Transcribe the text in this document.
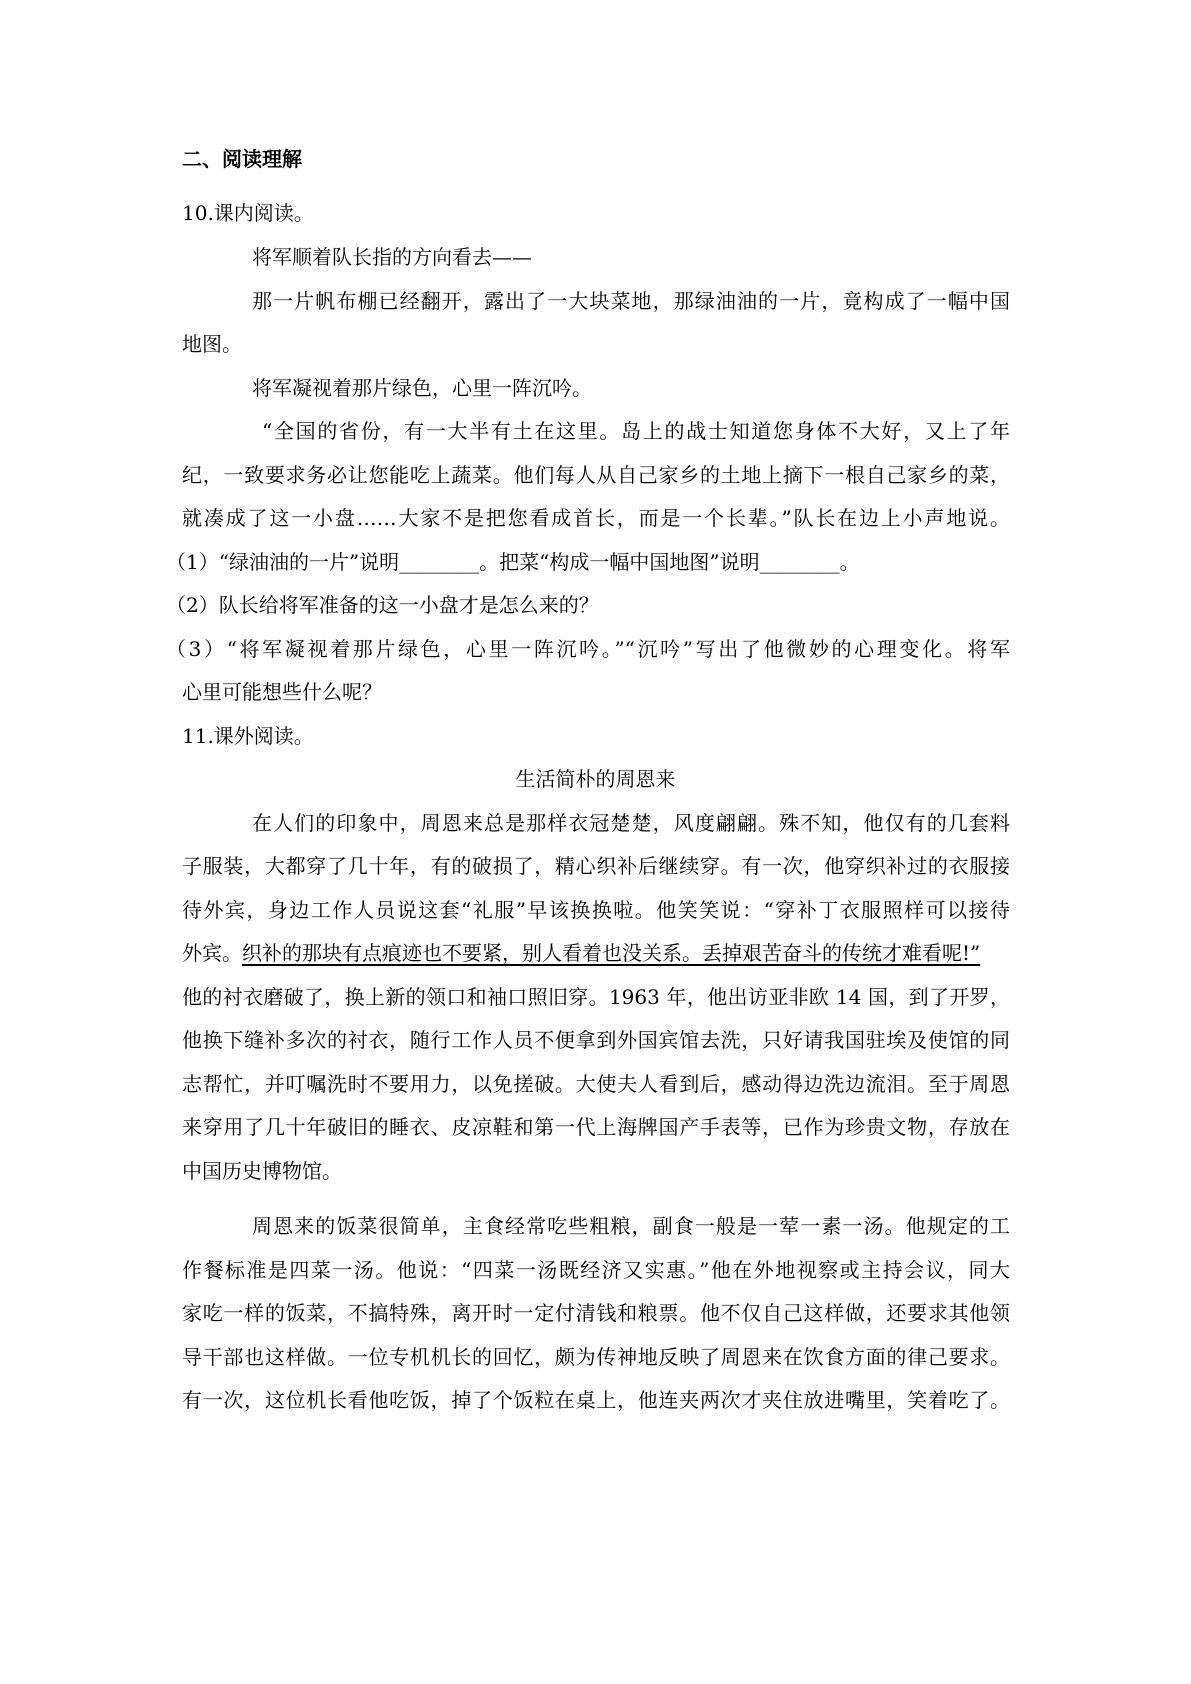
二、阅读理解

10.课内阅读。

将军顺着队长指的方向看去——

那一片帆布棚已经翻开，露出了一大块菜地，那绿油油的一片，竟构成了一幅中国

地图。

将军凝视着那片绿色，心里一阵沉吟。

“全国的省份，有一大半有土在这里。岛上的战士知道您身体不大好，又上了年

纪，一致要求务必让您能吃上蔬菜。他们每人从自己家乡的土地上摘下一根自己家乡的菜，

就凑成了这一小盘……大家不是把您看成首长，而是一个长辈。”队长在边上小声地说。

（1）“绿油油的一片”说明________。把菜“构成一幅中国地图”说明________。

（2）队长给将军准备的这一小盘才是怎么来的？

（3）“将军凝视着那片绿色，心里一阵沉吟。”“沉吟”写出了他微妙的心理变化。将军

心里可能想些什么呢？

11.课外阅读。

生活简朴的周恩来

在人们的印象中，周恩来总是那样衣冠楚楚，风度翩翩。殊不知，他仅有的几套料

子服装，大都穿了几十年，有的破损了，精心织补后继续穿。有一次，他穿织补过的衣服接

待外宾，身边工作人员说这套“礼服”早该换换啦。他笑笑说：“穿补丁衣服照样可以接待

外宾。织补的那块有点痕迹也不要紧，别人看着也没关系。丢掉艰苦奋斗的传统才难看呢!”

他的衬衣磨破了，换上新的领口和袖口照旧穿。1963 年，他出访亚非欧 14 国，到了开罗，

他换下缝补多次的衬衣，随行工作人员不便拿到外国宾馆去洗，只好请我国驻埃及使馆的同

志帮忙，并叮嘱洗时不要用力，以免搓破。大使夫人看到后，感动得边洗边流泪。至于周恩

来穿用了几十年破旧的睡衣、皮凉鞋和第一代上海牌国产手表等，已作为珍贵文物，存放在

中国历史博物馆。

周恩来的饭菜很简单，主食经常吃些粗粮，副食一般是一荤一素一汤。他规定的工

作餐标准是四菜一汤。他说：“四菜一汤既经济又实惠。”他在外地视察或主持会议，同大

家吃一样的饭菜，不搞特殊，离开时一定付清钱和粮票。他不仅自己这样做，还要求其他领

导干部也这样做。一位专机机长的回忆，颇为传神地反映了周恩来在饮食方面的律己要求。

有一次，这位机长看他吃饭，掉了个饭粒在桌上，他连夹两次才夹住放进嘴里，笑着吃了。
